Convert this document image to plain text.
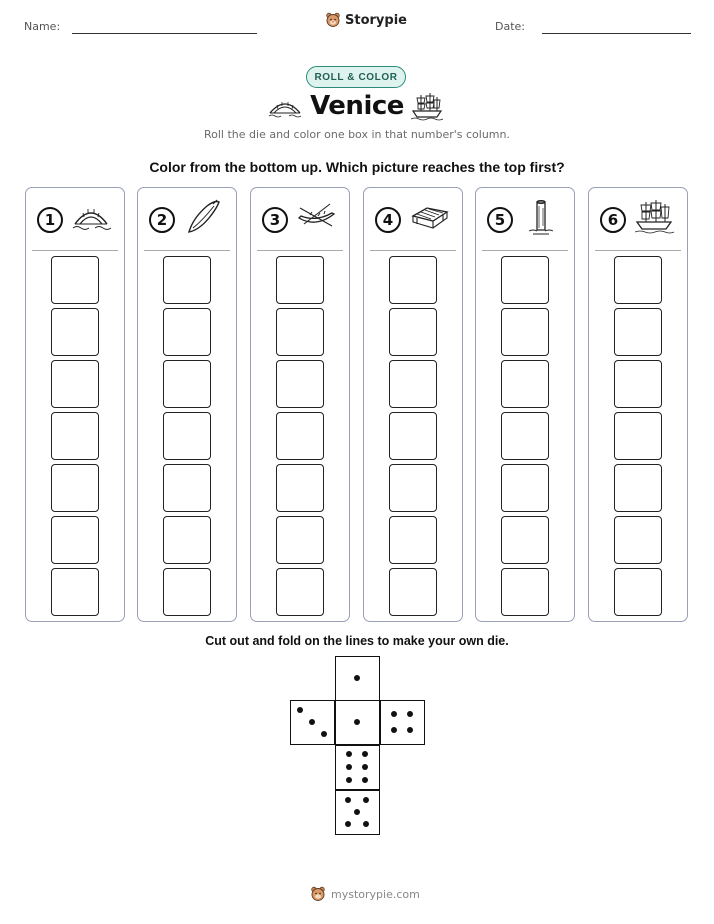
Name:	Storypie	Date:
ROLL & COLOR
Venice
Roll the die and color one box in that number's column.
Color from the bottom up. Which picture reaches the top first?
1	2	3	4	5	6
Cut out and fold on the lines to make your own die.
mystorypie.com
